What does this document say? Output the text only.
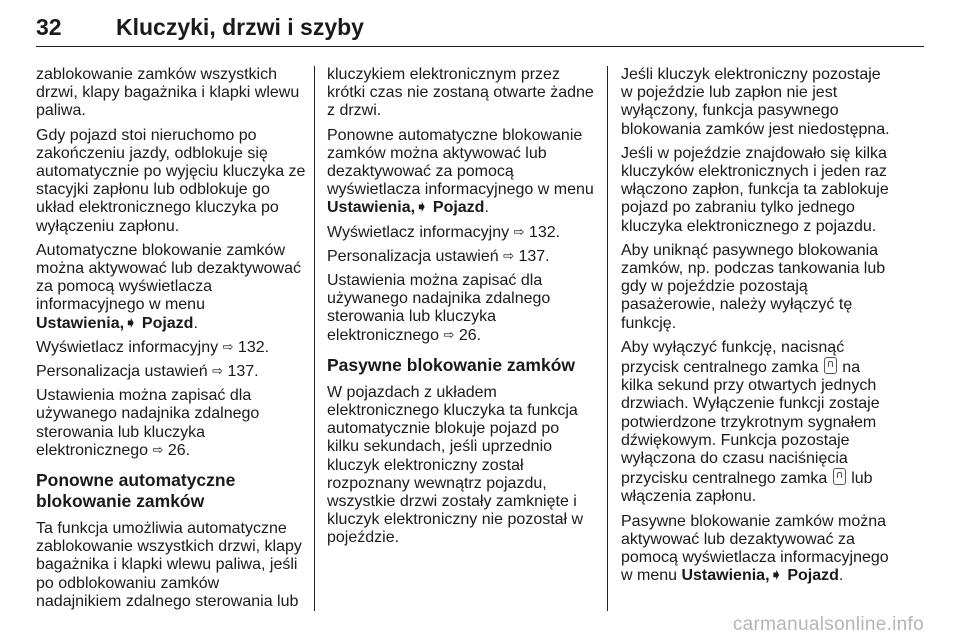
32 Kluczyki, drzwi i szyby

zablokowanie zamków wszystkich drzwi, klapy bagażnika i klapki wlewu paliwa.

Gdy pojazd stoi nieruchomo po zakończeniu jazdy, odblokuje się automatycznie po wyjęciu kluczyka ze stacyjki zapłonu lub odblokuje go układ elektronicznego kluczyka po wyłączeniu zapłonu.

Automatyczne blokowanie zamków można aktywować lub dezaktywować za pomocą wyświetlacza informacyjnego w menu Ustawienia,➧ Pojazd.

Wyświetlacz informacyjny ⇨ 132.

Personalizacja ustawień ⇨ 137.

Ustawienia można zapisać dla używanego nadajnika zdalnego sterowania lub kluczyka elektronicznego ⇨ 26.

Ponowne automatyczne blokowanie zamków

Ta funkcja umożliwia automatyczne zablokowanie wszystkich drzwi, klapy bagażnika i klapki wlewu paliwa, jeśli po odblokowaniu zamków nadajnikiem zdalnego sterowania lub

kluczykiem elektronicznym przez krótki czas nie zostaną otwarte żadne z drzwi.

Ponowne automatyczne blokowanie zamków można aktywować lub dezaktywować za pomocą wyświetlacza informacyjnego w menu Ustawienia,➧ Pojazd.

Wyświetlacz informacyjny ⇨ 132.

Personalizacja ustawień ⇨ 137.

Ustawienia można zapisać dla używanego nadajnika zdalnego sterowania lub kluczyka elektronicznego ⇨ 26.

Pasywne blokowanie zamków

W pojazdach z układem elektronicznego kluczyka ta funkcja automatycznie blokuje pojazd po kilku sekundach, jeśli uprzednio kluczyk elektroniczny został rozpoznany wewnątrz pojazdu, wszystkie drzwi zostały zamknięte i kluczyk elektroniczny nie pozostał w pojeździe.

Jeśli kluczyk elektroniczny pozostaje w pojeździe lub zapłon nie jest wyłączony, funkcja pasywnego blokowania zamków jest niedostępna.

Jeśli w pojeździe znajdowało się kilka kluczyków elektronicznych i jeden raz włączono zapłon, funkcja ta zablokuje pojazd po zabraniu tylko jednego kluczyka elektronicznego z pojazdu.

Aby uniknąć pasywnego blokowania zamków, np. podczas tankowania lub gdy w pojeździe pozostają pasażerowie, należy wyłączyć tę funkcję.

Aby wyłączyć funkcję, nacisnąć przycisk centralnego zamka  na kilka sekund przy otwartych jednych drzwiach. Wyłączenie funkcji zostaje potwierdzone trzykrotnym sygnałem dźwiękowym. Funkcja pozostaje wyłączona do czasu naciśnięcia przycisku centralnego zamka  lub włączenia zapłonu.

Pasywne blokowanie zamków można aktywować lub dezaktywować za pomocą wyświetlacza informacyjnego w menu Ustawienia,➧ Pojazd.

carmanualsonline.info
